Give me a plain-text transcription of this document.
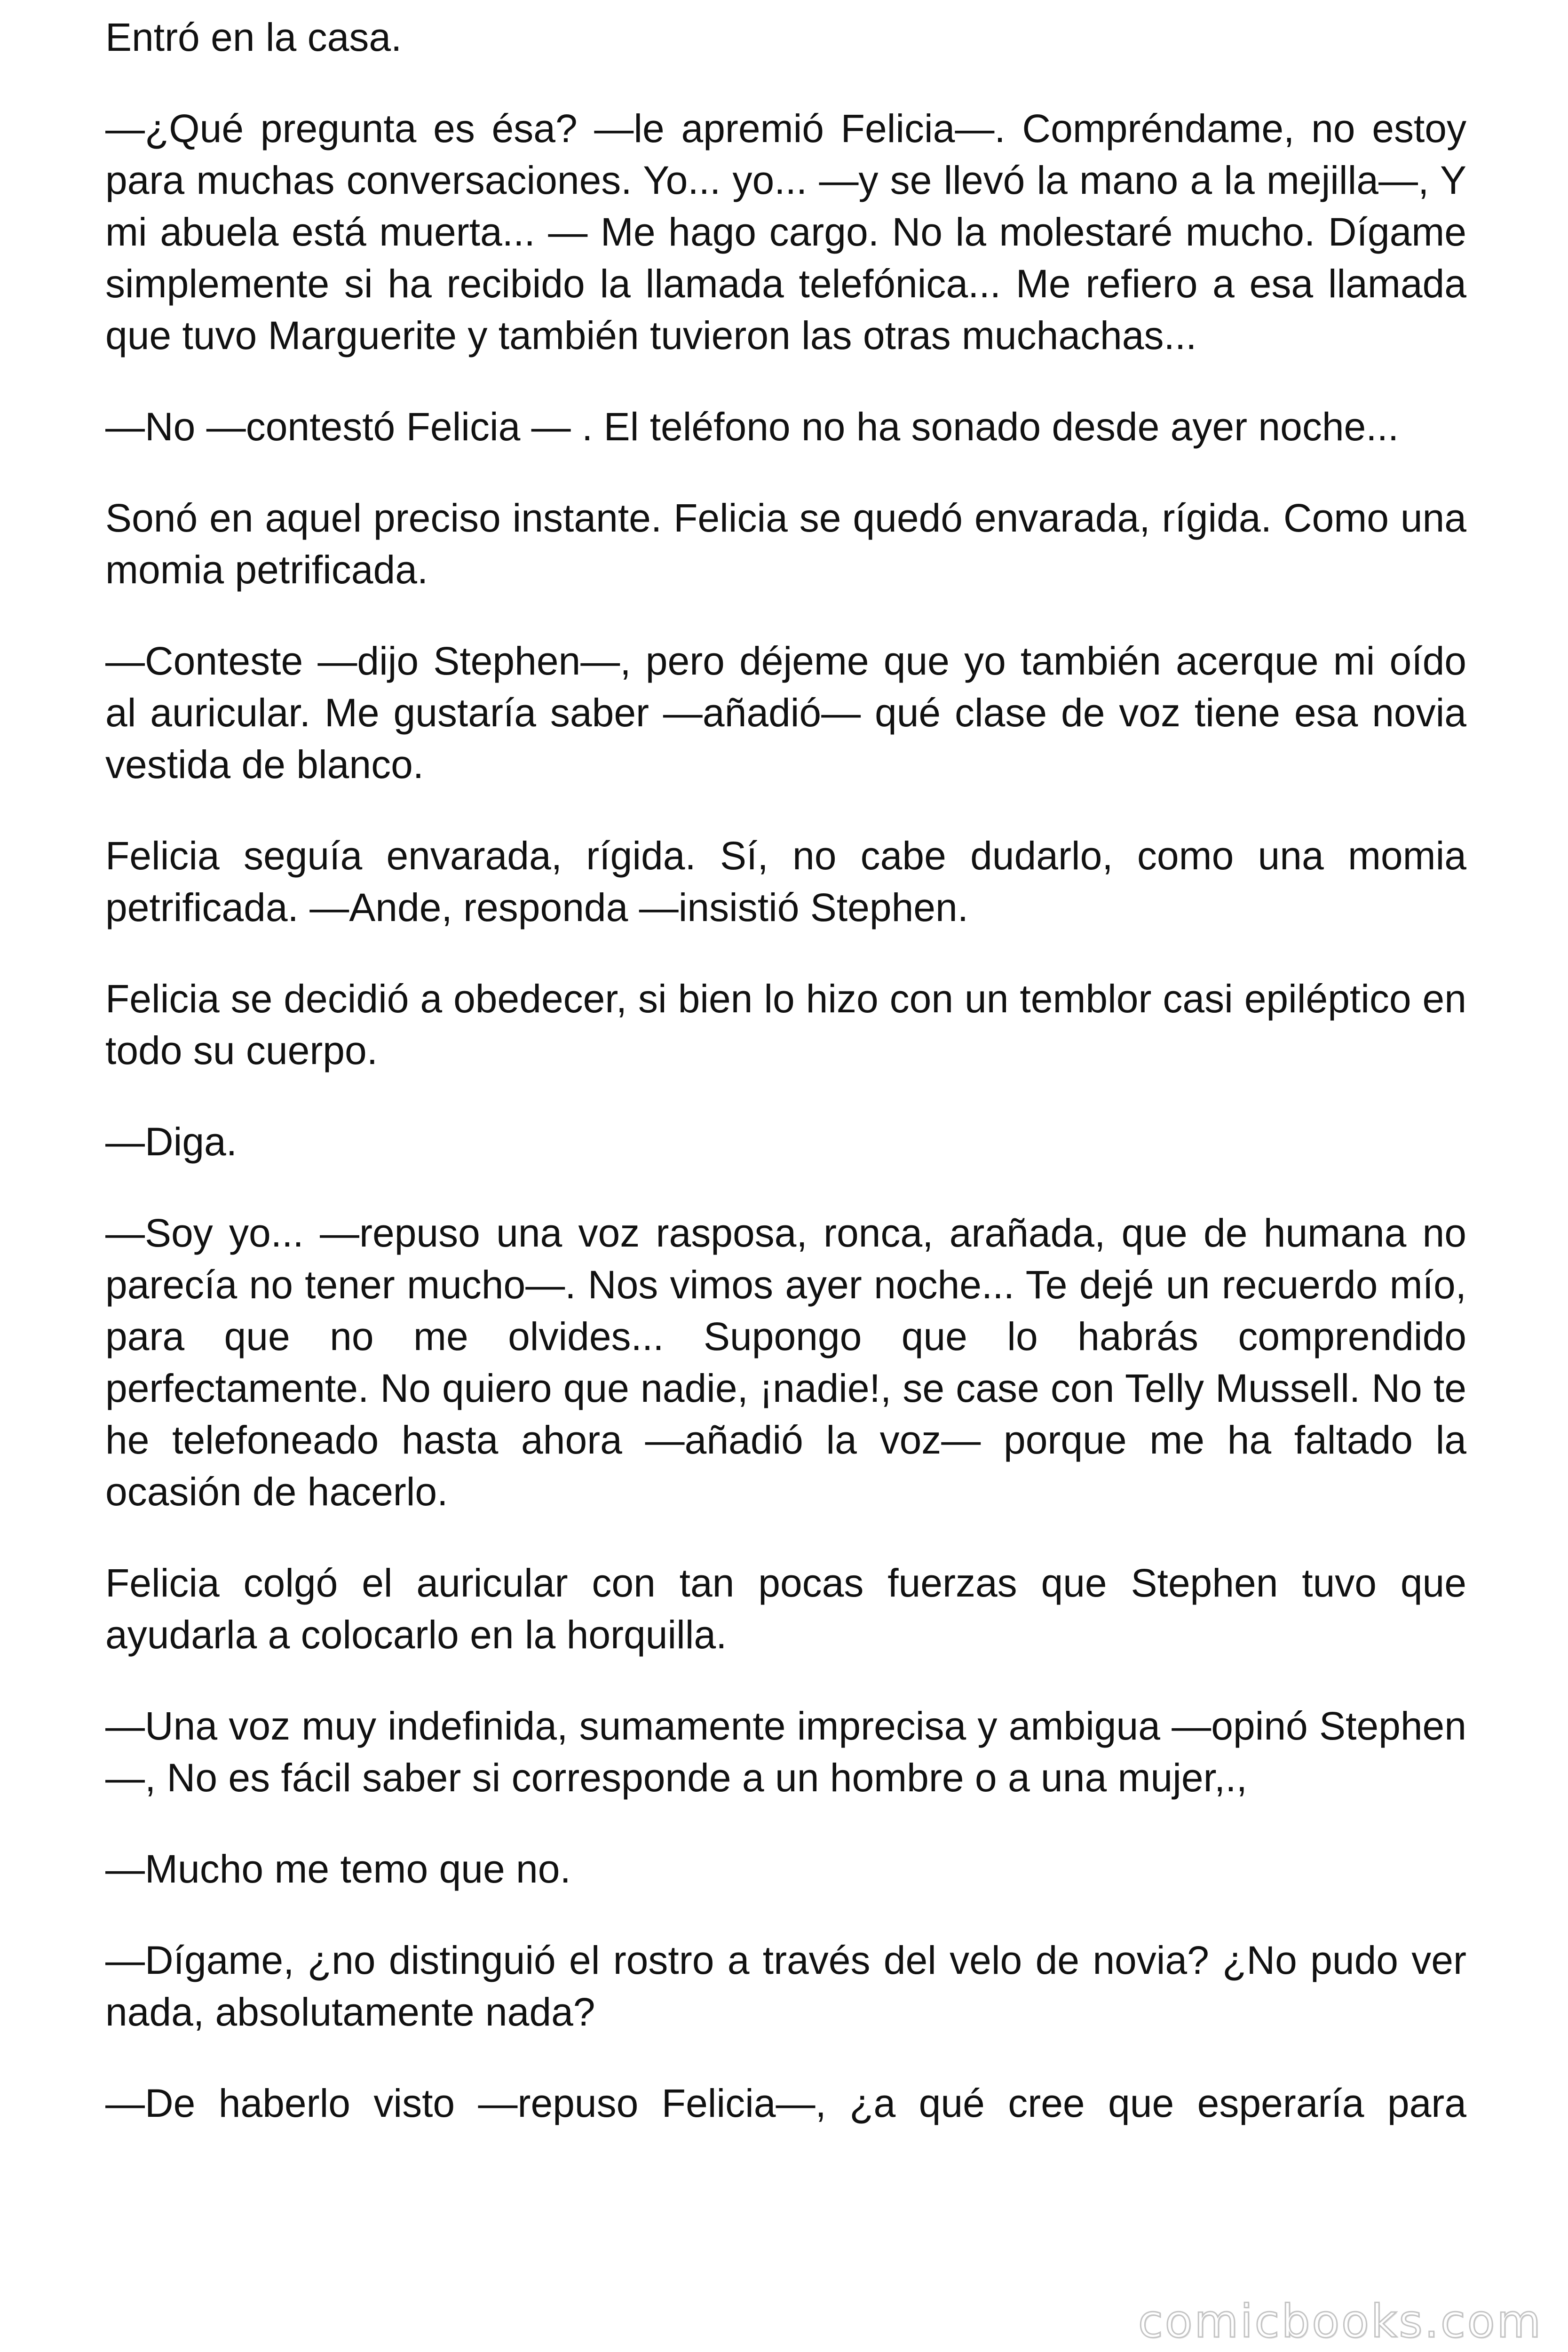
Entró en la casa.

—¿Qué pregunta es ésa? —le apremió Felicia—. Compréndame, no estoy para muchas conversaciones. Yo... yo... —y se llevó la mano a la mejilla—, Y mi abuela está muerta... — Me hago cargo. No la molestaré mucho. Dígame simplemente si ha recibido la llamada telefónica... Me refiero a esa llamada que tuvo Marguerite y también tuvieron las otras muchachas...

—No —contestó Felicia — . El teléfono no ha sonado desde ayer noche...

Sonó en aquel preciso instante. Felicia se quedó envarada, rígida. Como una momia petrificada.

—Conteste —dijo Stephen—, pero déjeme que yo también acerque mi oído al auricular. Me gustaría saber —añadió— qué clase de voz tiene esa novia vestida de blanco.

Felicia seguía envarada, rígida. Sí, no cabe dudarlo, como una momia petrificada. —Ande, responda —insistió Stephen.

Felicia se decidió a obedecer, si bien lo hizo con un temblor casi epiléptico en todo su cuerpo.

—Diga.

—Soy yo... —repuso una voz rasposa, ronca, arañada, que de humana no parecía no tener mucho—. Nos vimos ayer noche... Te dejé un recuerdo mío, para que no me olvides... Supongo que lo habrás comprendido perfectamente. No quiero que nadie, ¡nadie!, se case con Telly Mussell. No te he telefoneado hasta ahora —añadió la voz— porque me ha faltado la ocasión de hacerlo.

Felicia colgó el auricular con tan pocas fuerzas que Stephen tuvo que ayudarla a colocarlo en la horquilla.

—Una voz muy indefinida, sumamente imprecisa y ambigua —opinó Stephen—, No es fácil saber si corresponde a un hombre o a una mujer,.,

—Mucho me temo que no.

—Dígame, ¿no distinguió el rostro a través del velo de novia? ¿No pudo ver nada, absolutamente nada?

—De haberlo visto —repuso Felicia—, ¿a qué cree que esperaría para

comicbooks.com
